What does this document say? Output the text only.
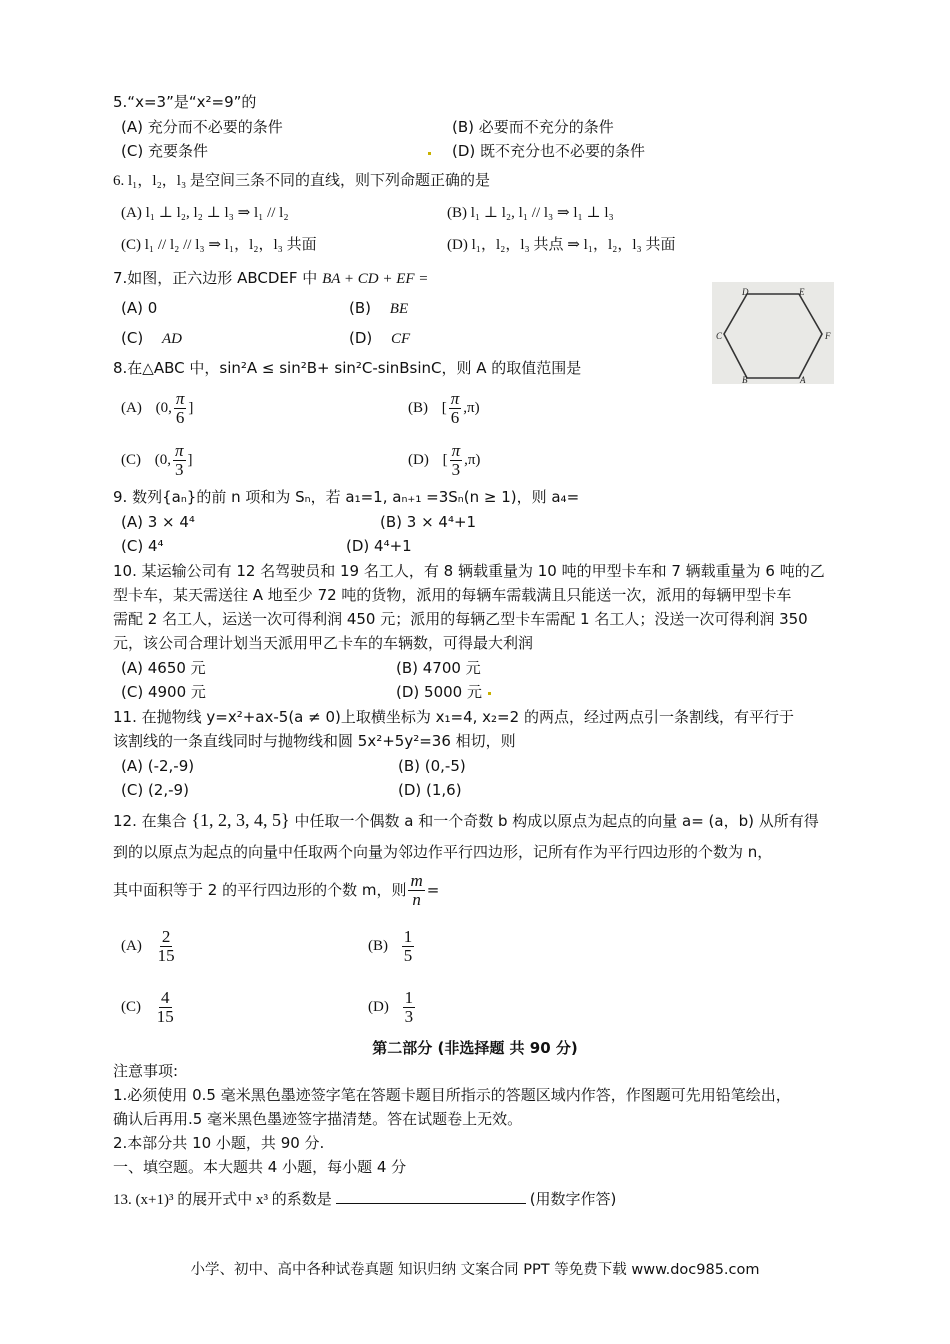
5.“x=3”是“x²=9”的
(A) 充分而不必要的条件	(B) 必要而不充分的条件
(C) 充要条件	(D) 既不充分也不必要的条件
6. l₁，l₂，l₃ 是空间三条不同的直线，则下列命题正确的是
(A) l₁ ⊥ l₂, l₂ ⊥ l₃ ⇒ l₁ // l₂	(B) l₁ ⊥ l₂, l₁ // l₃ ⇒ l₁ ⊥ l₃
(C) l₁ // l₂ // l₃ ⇒ l₁，l₂，l₃ 共面	(D) l₁，l₂，l₃ 共点 ⇒ l₁，l₂，l₃ 共面
7.如图，正六边形 ABCDEF 中 BA + CD + EF =
(A) 0	(B) BE
(C) AD	(D) CF
D	E
C	F
B	A
8.在△ABC 中，sin²A ≤ sin²B+ sin²C-sinBsinC，则 A 的取值范围是
(A) (0, $\frac{\pi}{6}$ ]	(B) [ $\frac{\pi}{6} ,\pi$)
(C) (0, $\frac{\pi}{3}$ ]	(D) [ $\frac{\pi}{3} ,\pi$)
9. 数列{aₙ}的前 n 项和为 Sₙ，若 a₁=1, aₙ₊₁ =3Sₙ(n ≥ 1)，则 a₄=
(A) 3 × 4⁴	(B) 3 × 4⁴+1
(C) 4⁴	(D) 4⁴+1
10. 某运输公司有 12 名驾驶员和 19 名工人，有 8 辆载重量为 10 吨的甲型卡车和 7 辆载重量为 6 吨的乙
型卡车，某天需送往 A 地至少 72 吨的货物，派用的每辆车需载满且只能送一次，派用的每辆甲型卡车
需配 2 名工人，运送一次可得利润 450 元；派用的每辆乙型卡车需配 1 名工人；没送一次可得利润 350
元，该公司合理计划当天派用甲乙卡车的车辆数，可得最大利润
(A) 4650 元	(B) 4700 元
(C) 4900 元	(D) 5000 元
11. 在抛物线 y=x²+ax-5(a ≠ 0)上取横坐标为 x₁=4, x₂=2 的两点，经过两点引一条割线，有平行于
该割线的一条直线同时与抛物线和圆 5x²+5y²=36 相切，则
(A) (-2,-9)	(B) (0,-5)
(C) (2,-9)	(D) (1,6)
12. 在集合 {1, 2, 3, 4, 5} 中任取一个偶数 a 和一个奇数 b 构成以原点为起点的向量 a= (a，b) 从所有得
到的以原点为起点的向量中任取两个向量为邻边作平行四边形，记所有作为平行四边形的个数为 n，
其中面积等于 2 的平行四边形的个数 m，则 $\frac{m}{n}$ =
$(A) \frac{2}{15}$	$(B) \frac{1}{5}$
$(C) \frac{4}{15}$	$(D) \frac{1}{3}$
第二部分 (非选择题 共 90 分)
注意事项:
1.必须使用 0.5 毫米黑色墨迹签字笔在答题卡题目所指示的答题区域内作答，作图题可先用铅笔绘出，
确认后再用.5 毫米黑色墨迹签字描清楚。答在试题卷上无效。
2.本部分共 10 小题，共 90 分.
一、填空题。本大题共 4 小题，每小题 4 分
13. (x+1)³ 的展开式中 x³ 的系数是	(用数字作答)
小学、初中、高中各种试卷真题 知识归纳 文案合同 PPT 等免费下载 www.doc985.com
